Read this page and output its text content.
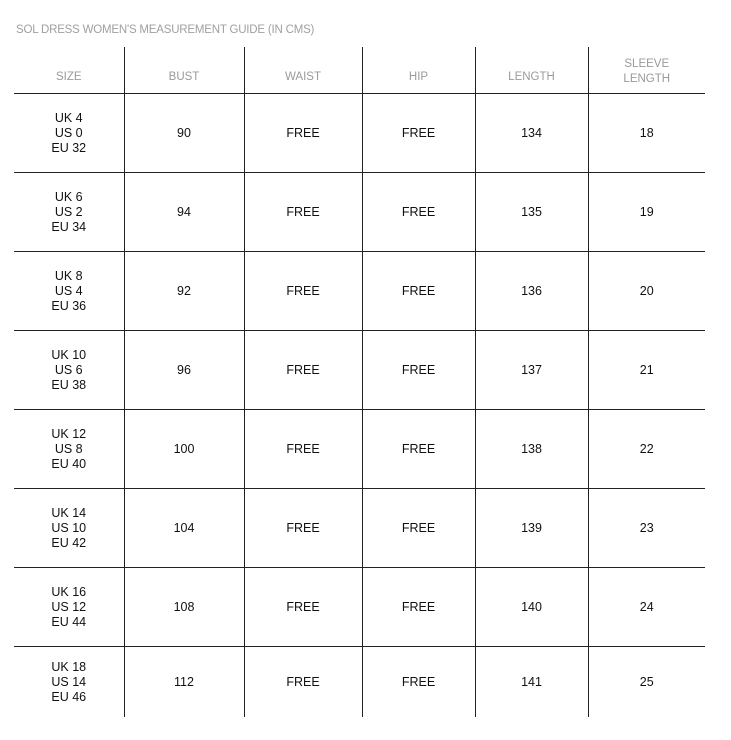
SOL DRESS WOMEN'S MEASUREMENT GUIDE (IN CMS)
SIZE	BUST	WAIST	HIP	LENGTH	SLEEVE
LENGTH

UK 4
US 0
EU 32	90	FREE	FREE	134	18

UK 6
US 2
EU 34	94	FREE	FREE	135	19

UK 8
US 4
EU 36	92	FREE	FREE	136	20

UK 10
US 6
EU 38	96	FREE	FREE	137	21

UK 12
US 8
EU 40	100	FREE	FREE	138	22

UK 14
US 10
EU 42	104	FREE	FREE	139	23

UK 16
US 12
EU 44	108	FREE	FREE	140	24

UK 18
US 14
EU 46	112	FREE	FREE	141	25
